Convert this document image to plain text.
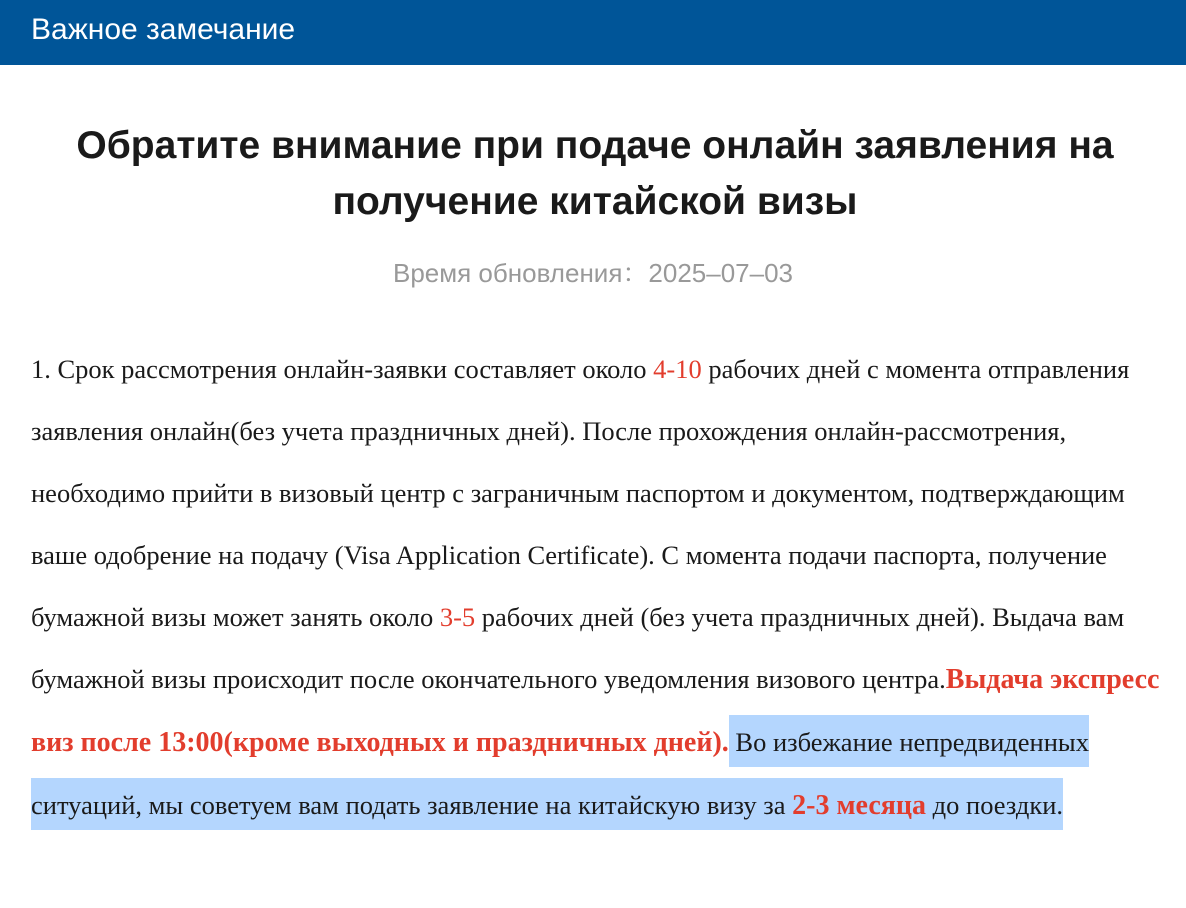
Важное замечание
Обратите внимание при подаче онлайн заявления на получение китайской визы
Время обновления：2025–07–03

1. Срок рассмотрения онлайн-заявки составляет около 4-10 рабочих дней с момента отправления заявления онлайн(без учета праздничных дней). После прохождения онлайн-рассмотрения, необходимо прийти в визовый центр с заграничным паспортом и документом, подтверждающим ваше одобрение на подачу (Visa Application Certificate). С момента подачи паспорта, получение бумажной визы может занять около 3-5 рабочих дней (без учета праздничных дней). Выдача вам бумажной визы происходит после окончательного уведомления визового центра.Выдача экспресс виз после 13:00(кроме выходных и праздничных дней). Во избежание непредвиденных ситуаций, мы советуем вам подать заявление на китайскую визу за 2-3 месяца до поездки.
